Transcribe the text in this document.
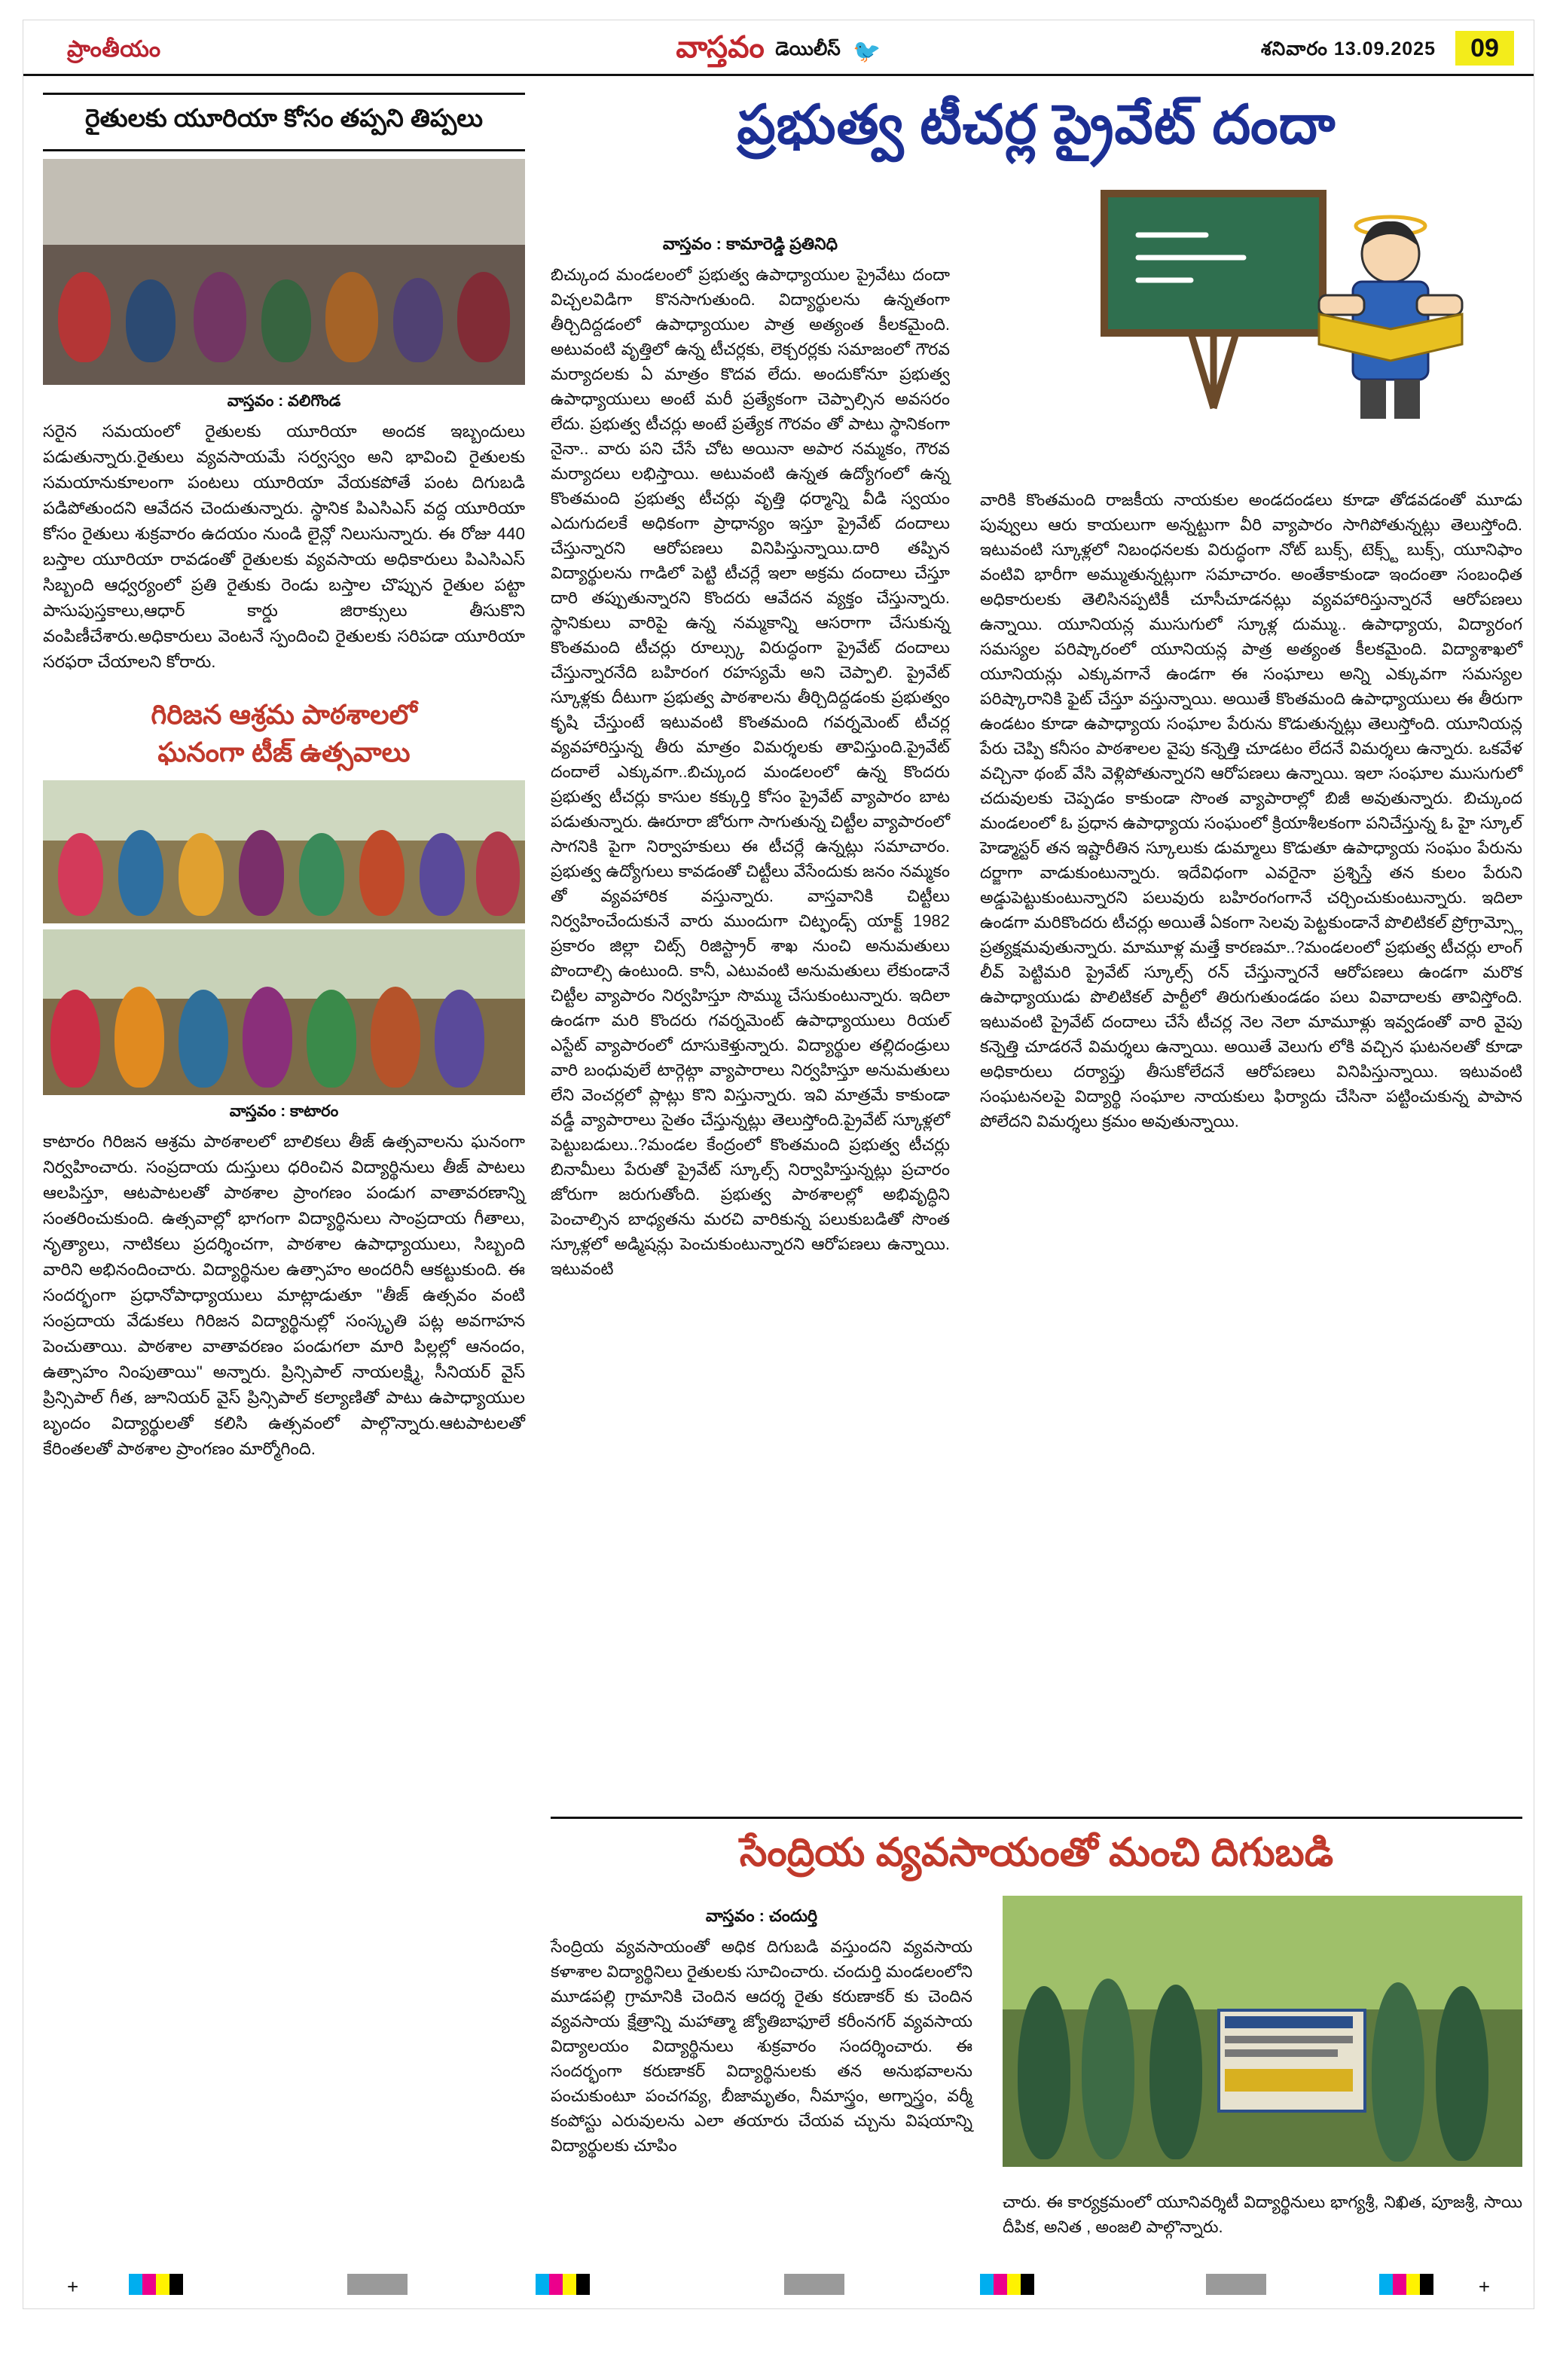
ప్రాంతీయం	వాస్తవం డెయిలీస్ 🐦	శనివారం 13.09.2025	09
రైతులకు యూరియా కోసం తప్పని తిప్పలు
వాస్తవం : వలిగొండ
సరైన సమయంలో రైతులకు యూరియా అందక ఇబ్బందులు పడుతున్నారు.రైతులు వ్యవసాయమే సర్వస్వం అని భావించి రైతులకు సమయానుకూలంగా పంటలు యూరియా వేయకపోతే పంట దిగుబడి పడిపోతుందని ఆవేదన చెందుతున్నారు. స్థానిక పిఎసిఎస్ వద్ద యూరియా కోసం రైతులు శుక్రవారం ఉదయం నుండి లైన్లో నిలుసున్నారు. ఈ రోజు 440 బస్తాల యూరియా రావడంతో రైతులకు వ్యవసాయ అధికారులు పిఎసిఎస్ సిబ్బంది ఆధ్వర్యంలో ప్రతి రైతుకు రెండు బస్తాల చొప్పున రైతుల పట్టా పాసుపుస్తకాలు,ఆధార్ కార్డు జిరాక్సులు తీసుకొని వంపిణీచేశారు.అధికారులు వెంటనే స్పందించి రైతులకు సరిపడా యూరియా సరఫరా చేయాలని కోరారు.
గిరిజన ఆశ్రమ పాఠశాలలో
ఘనంగా టీజ్ ఉత్సవాలు
వాస్తవం : కాటారం
కాటారం గిరిజన ఆశ్రమ పాఠశాలలో బాలికలు తీజ్ ఉత్సవాలను ఘనంగా నిర్వహించారు. సంప్రదాయ దుస్తులు ధరించిన విద్యార్థినులు తీజ్ పాటలు ఆలపిస్తూ, ఆటపాటలతో పాఠశాల ప్రాంగణం పండుగ వాతావరణాన్ని సంతరించుకుంది. ఉత్సవాల్లో భాగంగా విద్యార్థినులు సాంప్రదాయ గీతాలు, నృత్యాలు, నాటికలు ప్రదర్శించగా, పాఠశాల ఉపాధ్యాయులు, సిబ్బంది వారిని అభినందించారు. విద్యార్థినుల ఉత్సాహం అందరినీ ఆకట్టుకుంది. ఈ సందర్భంగా ప్రధానోపాధ్యాయులు మాట్లాడుతూ "తీజ్ ఉత్సవం వంటి సంప్రదాయ వేడుకలు గిరిజన విద్యార్థినుల్లో సంస్కృతి పట్ల అవగాహన పెంచుతాయి. పాఠశాల వాతావరణం పండుగలా మారి పిల్లల్లో ఆనందం, ఉత్సాహం నింపుతాయి" అన్నారు. ప్రిన్సిపాల్ నాయలక్ష్మి, సీనియర్ వైస్ ప్రిన్సిపాల్ గీత, జూనియర్ వైస్ ప్రిన్సిపాల్ కల్యాణితో పాటు ఉపాధ్యాయుల బృందం విద్యార్థులతో కలిసి ఉత్సవంలో పాల్గొన్నారు.ఆటపాటలతో కేరింతలతో పాఠశాల ప్రాంగణం మార్మోగింది.
ప్రభుత్వ టీచర్ల ప్రైవేట్ దందా
వాస్తవం : కామారెడ్డి ప్రతినిధి
బిచ్కుంద మండలంలో ప్రభుత్వ ఉపాధ్యాయుల ప్రైవేటు దందా విచ్చలవిడిగా కొనసాగుతుంది. విద్యార్థులను ఉన్నతంగా తీర్చిదిద్దడంలో ఉపాధ్యాయుల పాత్ర అత్యంత కీలకమైంది. అటువంటి వృత్తిలో ఉన్న టీచర్లకు, లెక్చరర్లకు సమాజంలో గౌరవ మర్యాదలకు ఏ మాత్రం కొదవ లేదు. అందుకోనూ ప్రభుత్వ ఉపాధ్యాయులు అంటే మరీ ప్రత్యేకంగా చెప్పాల్సిన అవసరం లేదు. ప్రభుత్వ టీచర్లు అంటే ప్రత్యేక గౌరవం తో పాటు స్థానికంగా నైనా.. వారు పని చేసే చోట అయినా అపార నమ్మకం, గౌరవ మర్యాదలు లభిస్తాయి. అటువంటి ఉన్నత ఉద్యోగంలో ఉన్న కొంతమంది ప్రభుత్వ టీచర్లు వృత్తి ధర్మాన్ని వీడి స్వయం ఎదుగుదలకే అధికంగా ప్రాధాన్యం ఇస్తూ ప్రైవేట్ దందాలు చేస్తున్నారని ఆరోపణలు వినిపిస్తున్నాయి.దారి తప్పిన విద్యార్థులను గాడిలో పెట్టి టీచర్లే ఇలా అక్రమ దందాలు చేస్తూ దారి తప్పుతున్నారని కొందరు ఆవేదన వ్యక్తం చేస్తున్నారు. స్థానికులు వారిపై ఉన్న నమ్మకాన్ని ఆసరాగా చేసుకున్న కొంతమంది టీచర్లు రూల్స్కు విరుద్ధంగా ప్రైవేట్ దందాలు చేస్తున్నారనేది బహిరంగ రహస్యమే అని చెప్పాలి. ప్రైవేట్ స్కూళ్లకు దీటుగా ప్రభుత్వ పాఠశాలను తీర్చిదిద్దడంకు ప్రభుత్వం కృషి చేస్తుంటే ఇటువంటి కొంతమంది గవర్నమెంట్ టీచర్ల వ్యవహారిస్తున్న తీరు మాత్రం విమర్శలకు తావిస్తుంది.ప్రైవేట్ దందాలే ఎక్కువగా..బిచ్కుంద మండలంలో ఉన్న కొందరు ప్రభుత్వ టీచర్లు కాసుల కక్కుర్తి కోసం ప్రైవేట్ వ్యాపారం బాట పడుతున్నారు. ఊరూరా జోరుగా సాగుతున్న చిట్టీల వ్యాపారంలో సాగనికి పైగా నిర్వాహకులు ఈ టీచర్లే ఉన్నట్లు సమాచారం. ప్రభుత్వ ఉద్యోగులు కావడంతో చిట్టీలు వేసేందుకు జనం నమ్మకం తో వ్యవహారిక వస్తున్నారు. వాస్తవానికి చిట్టీలు నిర్వహించేందుకునే వారు ముందుగా చిట్ఫండ్స్ యాక్ట్ 1982 ప్రకారం జిల్లా చిట్స్ రిజిస్ట్రార్ శాఖ నుంచి అనుమతులు పొందాల్సి ఉంటుంది. కానీ, ఎటువంటి అనుమతులు లేకుండానే చిట్టీల వ్యాపారం నిర్వహిస్తూ సొమ్ము చేసుకుంటున్నారు. ఇదిలా ఉండగా మరి కొందరు గవర్నమెంట్ ఉపాధ్యాయులు రియల్ ఎస్టేట్ వ్యాపారంలో దూసుకెళ్తున్నారు. విద్యార్థుల తల్లిదండ్రులు వారి బంధువులే టార్గెట్గా వ్యాపారాలు నిర్వహిస్తూ అనుమతులు లేని వెంచర్లలో ప్లాట్లు కొని విస్తున్నారు. ఇవి మాత్రమే కాకుండా వడ్డీ వ్యాపారాలు సైతం చేస్తున్నట్లు తెలుస్తోంది.ప్రైవేట్ స్కూళ్లలో పెట్టుబడులు..?మండల కేంద్రంలో కొంతమంది ప్రభుత్వ టీచర్లు బినామీలు పేరుతో ప్రైవేట్ స్కూల్స్ నిర్వాహిస్తున్నట్లు ప్రచారం జోరుగా జరుగుతోంది. ప్రభుత్వ పాఠశాలల్లో అభివృద్ధిని పెంచాల్సిన బాధ్యతను మరచి వారికున్న పలుకుబడితో సొంత స్కూళ్లలో అడ్మిషన్లు పెంచుకుంటున్నారని ఆరోపణలు ఉన్నాయి. ఇటువంటి
వారికి కొంతమంది రాజకీయ నాయకుల అండదండలు కూడా తోడవడంతో మూడు పువ్వులు ఆరు కాయలుగా అన్నట్టుగా వీరి వ్యాపారం సాగిపోతున్నట్లు తెలుస్తోంది. ఇటువంటి స్కూళ్లలో నిబంధనలకు విరుద్ధంగా నోట్ బుక్స్, టెక్స్ట్ బుక్స్, యూనిఫాం వంటివి భారీగా అమ్ముతున్నట్లుగా సమాచారం. అంతేకాకుండా ఇందంతా సంబంధిత అధికారులకు తెలిసినప్పటికీ చూసీచూడనట్లు వ్యవహారిస్తున్నారనే ఆరోపణలు ఉన్నాయి. యూనియన్ల ముసుగులో స్కూళ్ల దుమ్ము.. ఉపాధ్యాయ, విద్యారంగ సమస్యల పరిష్కారంలో యూనియన్ల పాత్ర అత్యంత కీలకమైంది. విద్యాశాఖలో యూనియన్లు ఎక్కువగానే ఉండగా ఈ సంఘాలు అన్ని ఎక్కువగా సమస్యల పరిష్కారానికి ఫైట్ చేస్తూ వస్తున్నాయి. అయితే కొంతమంది ఉపాధ్యాయులు ఈ తీరుగా ఉండటం కూడా ఉపాధ్యాయ సంఘాల పేరును కొడుతున్నట్లు తెలుస్తోంది. యూనియన్ల పేరు చెప్పి కనీసం పాఠశాలల వైపు కన్నెత్తి చూడటం లేదనే విమర్శలు ఉన్నారు. ఒకవేళ వచ్చినా థంబ్ వేసి వెళ్లిపోతున్నారని ఆరోపణలు ఉన్నాయి. ఇలా సంఘాల ముసుగులో చదువులకు చెప్పడం కాకుండా సొంత వ్యాపారాల్లో బిజీ అవుతున్నారు. బిచ్కుంద మండలంలో ఓ ప్రధాన ఉపాధ్యాయ సంఘంలో క్రియాశీలకంగా పనిచేస్తున్న ఓ హై స్కూల్ హెడ్మాస్టర్ తన ఇష్టారీతిన స్కూలుకు డుమ్మాలు కొడుతూ ఉపాధ్యాయ సంఘం పేరును దర్జాగా వాడుకుంటున్నారు. ఇదేవిధంగా ఎవరైనా ప్రశ్నిస్తే తన కులం పేరుని అడ్డుపెట్టుకుంటున్నారని పలువురు బహిరంగంగానే చర్చించుకుంటున్నారు. ఇదిలా ఉండగా మరికొందరు టీచర్లు అయితే ఏకంగా సెలవు పెట్టకుండానే పొలిటికల్ ప్రోగ్రామ్స్లో ప్రత్యక్షమవుతున్నారు. మామూళ్ల మత్తే కారణమా..?మండలంలో ప్రభుత్వ టీచర్లు లాంగ్ లీవ్ పెట్టిమరి ప్రైవేట్ స్కూల్స్ రన్ చేస్తున్నారనే ఆరోపణలు ఉండగా మరొక ఉపాధ్యాయుడు పొలిటికల్ పార్టీలో తిరుగుతుండడం పలు వివాదాలకు తావిస్తోంది. ఇటువంటి ప్రైవేట్ దందాలు చేసే టీచర్ల నెల నెలా మామూళ్లు ఇవ్వడంతో వారి వైపు కన్నెత్తి చూడరనే విమర్శలు ఉన్నాయి. అయితే వెలుగు లోకి వచ్చిన ఘటనలతో కూడా అధికారులు దర్యాప్తు తీసుకోలేదనే ఆరోపణలు వినిపిస్తున్నాయి. ఇటువంటి సంఘటనలపై విద్యార్థి సంఘాల నాయకులు ఫిర్యాదు చేసినా పట్టించుకున్న పాపాన పోలేదని విమర్శలు క్రమం అవుతున్నాయి.
సేంద్రియ వ్యవసాయంతో మంచి దిగుబడి
వాస్తవం : చందుర్తి
సేంద్రియ వ్యవసాయంతో అధిక దిగుబడి వస్తుందని వ్యవసాయ కళాశాల విద్యార్థినిలు రైతులకు సూచించారు. చందుర్తి మండలంలోని మూడపల్లి గ్రామానికి చెందిన ఆదర్శ రైతు కరుణాకర్ కు చెందిన వ్యవసాయ క్షేత్రాన్ని మహాత్మా జ్యోతిబాఫూలే కరీంనగర్ వ్యవసాయ విద్యాలయం విద్యార్థినులు శుక్రవారం సందర్శించారు. ఈ సందర్భంగా కరుణాకర్ విద్యార్థినులకు తన అనుభవాలను పంచుకుంటూ పంచగవ్య, బీజామృతం, నీమాస్త్రం, అగ్నాస్త్రం, వర్మీ కంపోస్టు ఎరువులను ఎలా తయారు చేయవ చ్చును విషయాన్ని విద్యార్థులకు చూపిం
చారు. ఈ కార్యక్రమంలో యూనివర్శిటీ విద్యార్థినులు భాగ్యశ్రీ, నిఖిత, పూజశ్రీ, సాయి దీపిక, అనిత , అంజలి పాల్గొన్నారు.
+	+
